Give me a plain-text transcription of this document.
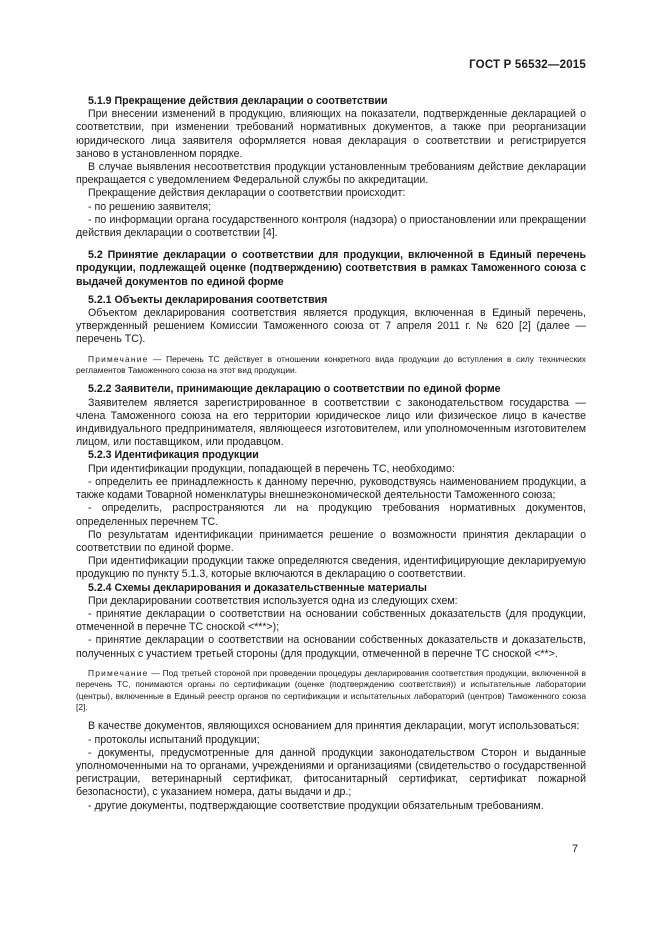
ГОСТ Р 56532—2015

5.1.9 Прекращение действия декларации о соответствии

При внесении изменений в продукцию, влияющих на показатели, подтвержденные декларацией о соответствии, при изменении требований нормативных документов, а также при реорганизации юридического лица заявителя оформляется новая декларация о соответствии и регистрируется заново в установленном порядке.

В случае выявления несоответствия продукции установленным требованиям действие декларации прекращается с уведомлением Федеральной службы по аккредитации.

Прекращение действия декларации о соответствии происходит:

- по решению заявителя;

- по информации органа государственного контроля (надзора) о приостановлении или прекращении действия декларации о соответствии [4].

5.2 Принятие декларации о соответствии для продукции, включенной в Единый перечень продукции, подлежащей оценке (подтверждению) соответствия в рамках Таможенного союза с выдачей документов по единой форме

5.2.1 Объекты декларирования соответствия

Объектом декларирования соответствия является продукция, включенная в Единый перечень, утвержденный решением Комиссии Таможенного союза от 7 апреля 2011 г. № 620 [2] (далее — перечень ТС).

Примечание — Перечень ТС действует в отношении конкретного вида продукции до вступления в силу технических регламентов Таможенного союза на этот вид продукции.

5.2.2 Заявители, принимающие декларацию о соответствии по единой форме

Заявителем является зарегистрированное в соответствии с законодательством государства — члена Таможенного союза на его территории юридическое лицо или физическое лицо в качестве индивидуального предпринимателя, являющееся изготовителем, или уполномоченным изготовителем лицом, или поставщиком, или продавцом.

5.2.3 Идентификация продукции

При идентификации продукции, попадающей в перечень ТС, необходимо:

- определить ее принадлежность к данному перечню, руководствуясь наименованием продукции, а также кодами Товарной номенклатуры внешнеэкономической деятельности Таможенного союза;

- определить, распространяются ли на продукцию требования нормативных документов, определенных перечнем ТС.

По результатам идентификации принимается решение о возможности принятия декларации о соответствии по единой форме.

При идентификации продукции также определяются сведения, идентифицирующие декларируемую продукцию по пункту 5.1.3, которые включаются в декларацию о соответствии.

5.2.4 Схемы декларирования и доказательственные материалы

При декларировании соответствия используется одна из следующих схем:

- принятие декларации о соответствии на основании собственных доказательств (для продукции, отмеченной в перечне ТС сноской <***>);

- принятие декларации о соответствии на основании собственных доказательств и доказательств, полученных с участием третьей стороны (для продукции, отмеченной в перечне ТС сноской <**>.

Примечание — Под третьей стороной при проведении процедуры декларирования соответствия продукции, включенной в перечень ТС, понимаются органы по сертификации (оценке (подтверждению соответствия)) и испытательные лаборатории (центры), включенные в Единый реестр органов по сертификации и испытательных лабораторий (центров) Таможенного союза [2].

В качестве документов, являющихся основанием для принятия декларации, могут использоваться:

- протоколы испытаний продукции;

- документы, предусмотренные для данной продукции законодательством Сторон и выданные уполномоченными на то органами, учреждениями и организациями (свидетельство о государственной регистрации, ветеринарный сертификат, фитосанитарный сертификат, сертификат пожарной безопасности), с указанием номера, даты выдачи и др.;

- другие документы, подтверждающие соответствие продукции обязательным требованиям.

7
